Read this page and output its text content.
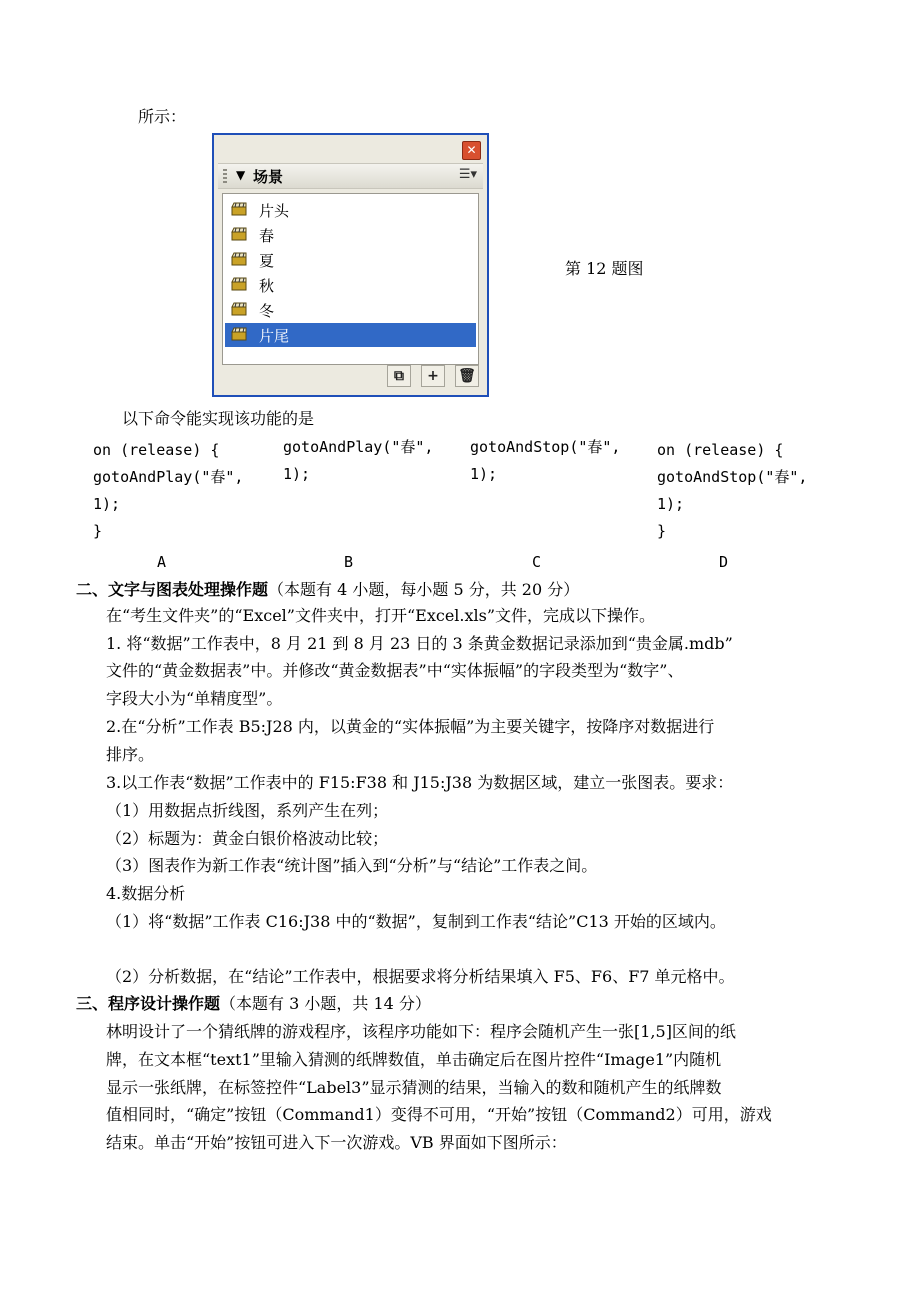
所示：
✕
▼ 场景	☰▾
片头
春
夏
秋
冬
片尾
⧉	+	🗑
第 12 题图
以下命令能实现该功能的是
on (release) {
gotoAndPlay("春",
1);
}
gotoAndPlay("春",
1);
gotoAndStop("春",
1);
on (release) {
gotoAndStop("春",
1);
}
A	B	C	D
二、文字与图表处理操作题（本题有 4 小题，每小题 5 分，共 20 分）
在“考生文件夹”的“Excel”文件夹中，打开“Excel.xls”文件，完成以下操作。
1. 将“数据”工作表中，8 月 21 到 8 月 23 日的 3 条黄金数据记录添加到“贵金属.mdb”
文件的“黄金数据表”中。并修改“黄金数据表”中“实体振幅”的字段类型为“数字”、
字段大小为“单精度型”。
2.在“分析”工作表 B5:J28 内，以黄金的“实体振幅”为主要关键字，按降序对数据进行
排序。
3.以工作表“数据”工作表中的 F15:F38 和 J15:J38 为数据区域，建立一张图表。要求：
（1）用数据点折线图，系列产生在列；
（2）标题为：黄金白银价格波动比较；
（3）图表作为新工作表“统计图”插入到“分析”与“结论”工作表之间。
4.数据分析
（1）将“数据”工作表 C16:J38 中的“数据”，复制到工作表“结论”C13 开始的区域内。
（2）分析数据，在“结论”工作表中，根据要求将分析结果填入 F5、F6、F7 单元格中。
三、程序设计操作题（本题有 3 小题，共 14 分）
林明设计了一个猜纸牌的游戏程序，该程序功能如下：程序会随机产生一张[1,5]区间的纸
牌，在文本框“text1”里输入猜测的纸牌数值，单击确定后在图片控件“Image1”内随机
显示一张纸牌，在标签控件“Label3”显示猜测的结果，当输入的数和随机产生的纸牌数
值相同时，“确定”按钮（Command1）变得不可用，“开始”按钮（Command2）可用，游戏
结束。单击“开始”按钮可进入下一次游戏。VB 界面如下图所示：
